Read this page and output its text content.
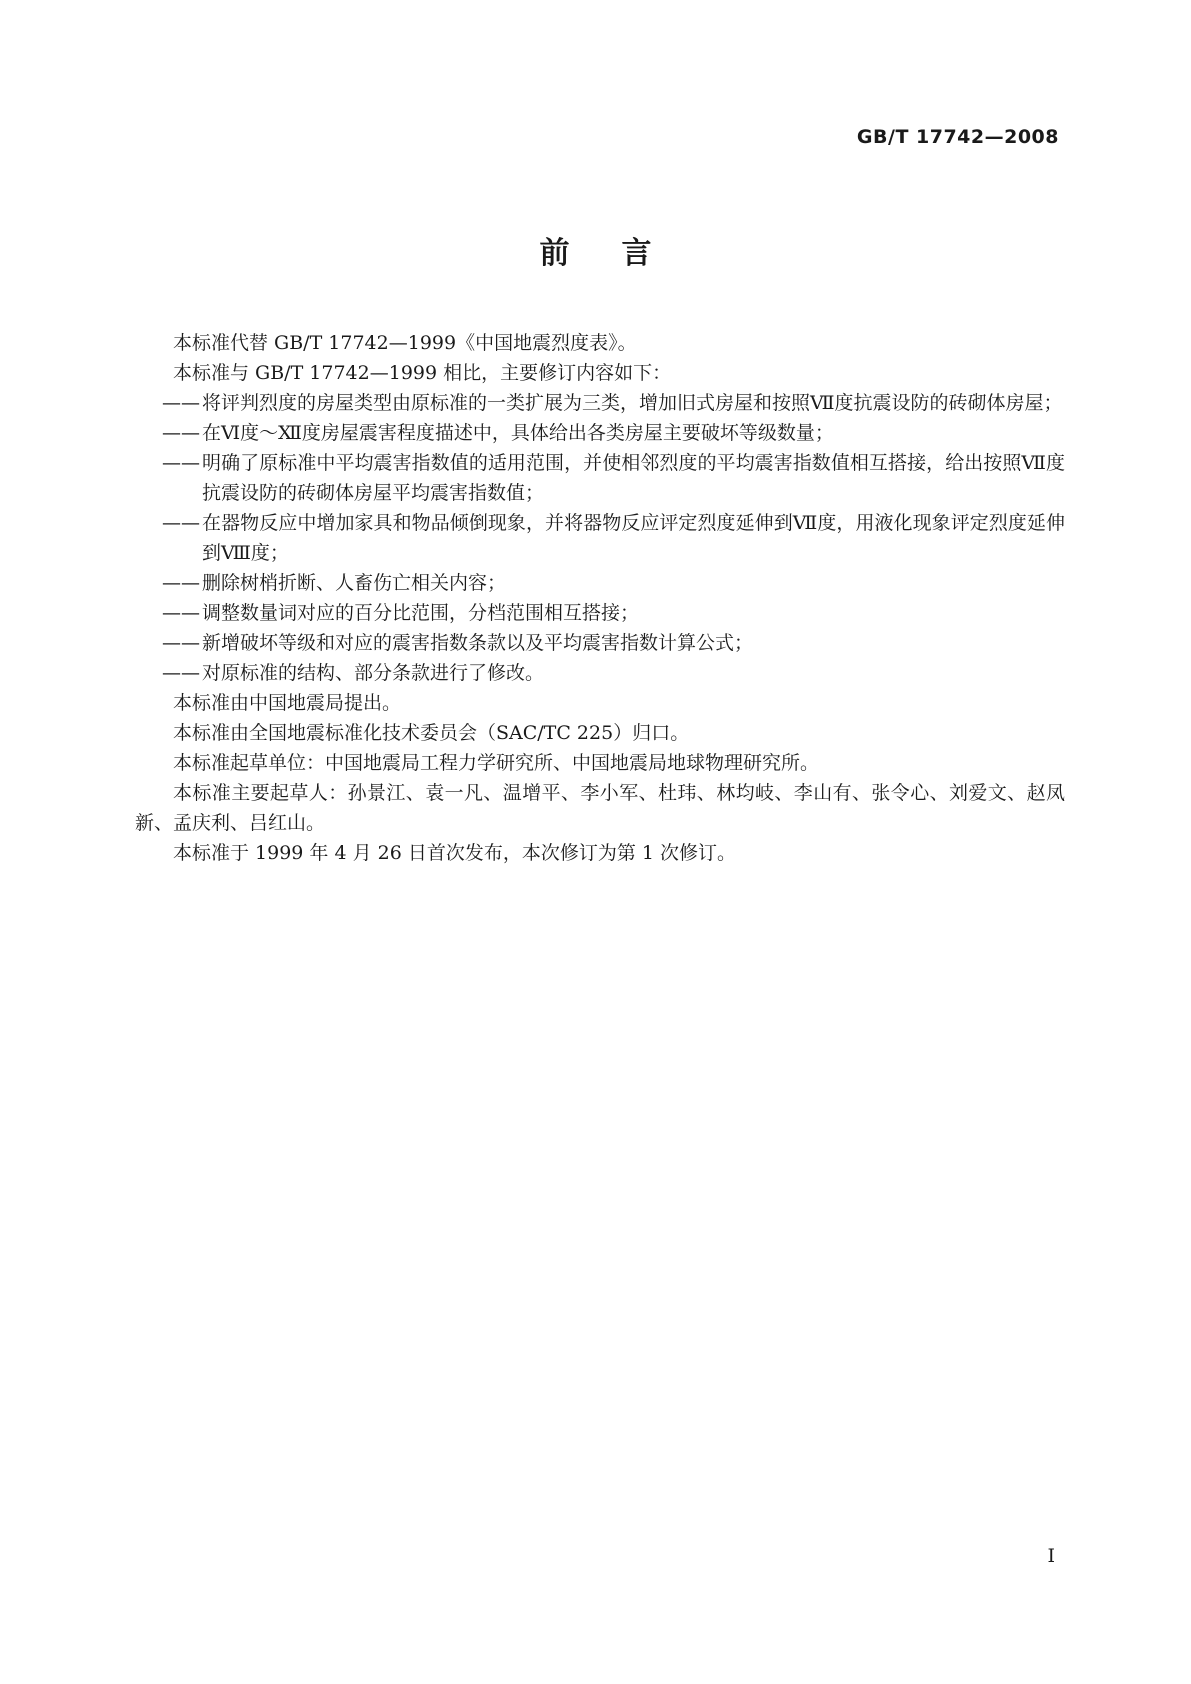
GB/T 17742—2008
前言

本标准代替 GB/T 17742—1999《中国地震烈度表》。

本标准与 GB/T 17742—1999 相比，主要修订内容如下：

—— 将评判烈度的房屋类型由原标准的一类扩展为三类，增加旧式房屋和按照Ⅶ度抗震设防的砖砌体房屋；

—— 在Ⅵ度～Ⅻ度房屋震害程度描述中，具体给出各类房屋主要破坏等级数量；

—— 明确了原标准中平均震害指数值的适用范围，并使相邻烈度的平均震害指数值相互搭接，给出按照Ⅶ度抗震设防的砖砌体房屋平均震害指数值；

—— 在器物反应中增加家具和物品倾倒现象，并将器物反应评定烈度延伸到Ⅶ度，用液化现象评定烈度延伸到Ⅷ度；

—— 删除树梢折断、人畜伤亡相关内容；

—— 调整数量词对应的百分比范围，分档范围相互搭接；

—— 新增破坏等级和对应的震害指数条款以及平均震害指数计算公式；

—— 对原标准的结构、部分条款进行了修改。

本标准由中国地震局提出。

本标准由全国地震标准化技术委员会（SAC/TC 225）归口。

本标准起草单位：中国地震局工程力学研究所、中国地震局地球物理研究所。

本标准主要起草人：孙景江、袁一凡、温增平、李小军、杜玮、林均岐、李山有、张令心、刘爱文、赵凤新、孟庆利、吕红山。

本标准于 1999 年 4 月 26 日首次发布，本次修订为第 1 次修订。

I
